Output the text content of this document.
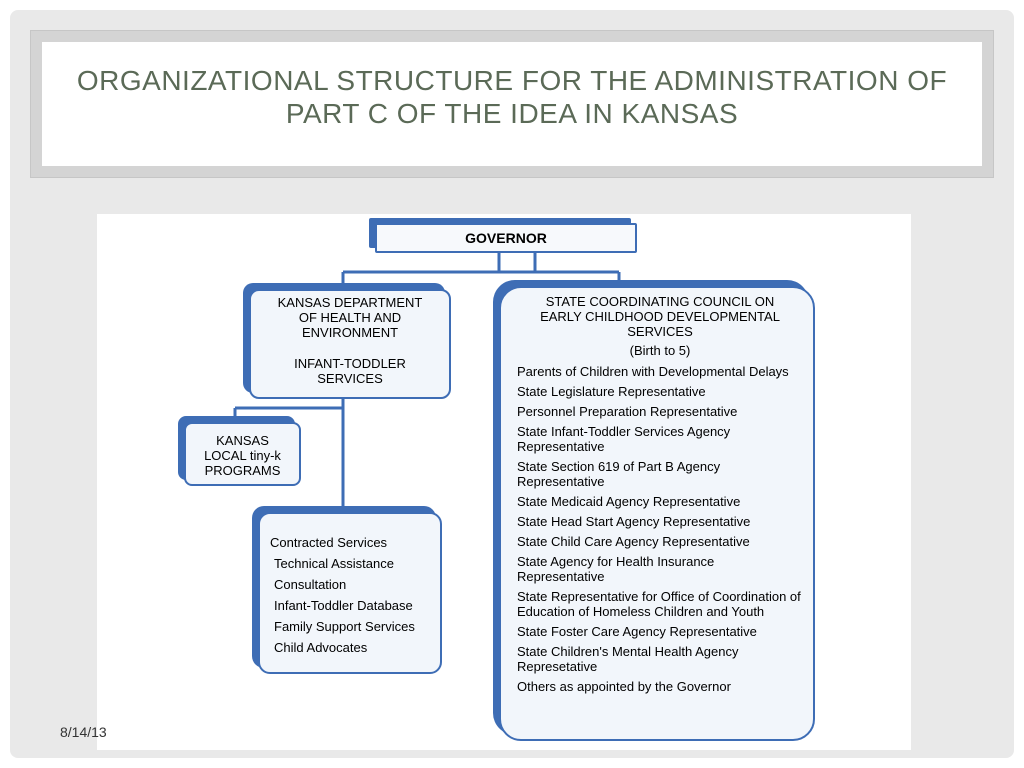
ORGANIZATIONAL STRUCTURE FOR THE ADMINISTRATION OF
PART C OF THE IDEA IN KANSAS
GOVERNOR
KANSAS DEPARTMENT
OF HEALTH AND
ENVIRONMENT
INFANT-TODDLER
SERVICES
KANSAS
LOCAL tiny-k
PROGRAMS
Contracted Services
Technical Assistance
Consultation
Infant-Toddler Database
Family Support Services
Child Advocates
STATE COORDINATING COUNCIL ON
EARLY CHILDHOOD DEVELOPMENTAL
SERVICES
(Birth to 5)
Parents of Children with Developmental Delays
State Legislature Representative
Personnel Preparation Representative
State Infant-Toddler Services Agency Representative
State Section 619 of Part B Agency Representative
State Medicaid Agency Representative
State Head Start Agency Representative
State Child Care Agency Representative
State Agency for Health Insurance Representative
State Representative for Office of Coordination of Education of Homeless Children and Youth
State Foster Care Agency Representative
State Children's Mental Health Agency Represetative
Others as appointed by the Governor
8/14/13
